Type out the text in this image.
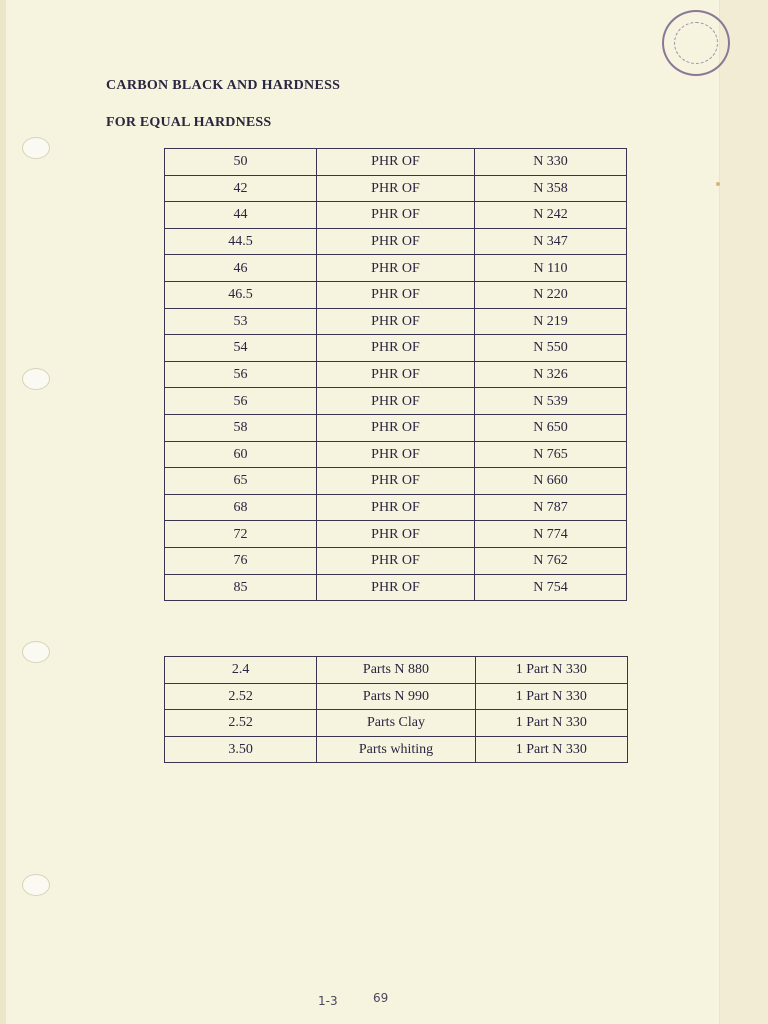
CARBON BLACK AND HARDNESS
FOR EQUAL HARDNESS
50	PHR OF	N 330
42	PHR OF	N 358
44	PHR OF	N 242
44.5	PHR OF	N 347
46	PHR OF	N 110
46.5	PHR OF	N 220
53	PHR OF	N 219
54	PHR OF	N 550
56	PHR OF	N 326
56	PHR OF	N 539
58	PHR OF	N 650
60	PHR OF	N 765
65	PHR OF	N 660
68	PHR OF	N 787
72	PHR OF	N 774
76	PHR OF	N 762
85	PHR OF	N 754
2.4	Parts N 880	1 Part N 330
2.52	Parts N 990	1 Part N 330
2.52	Parts Clay	1 Part N 330
3.50	Parts whiting	1 Part N 330
1-3	69
